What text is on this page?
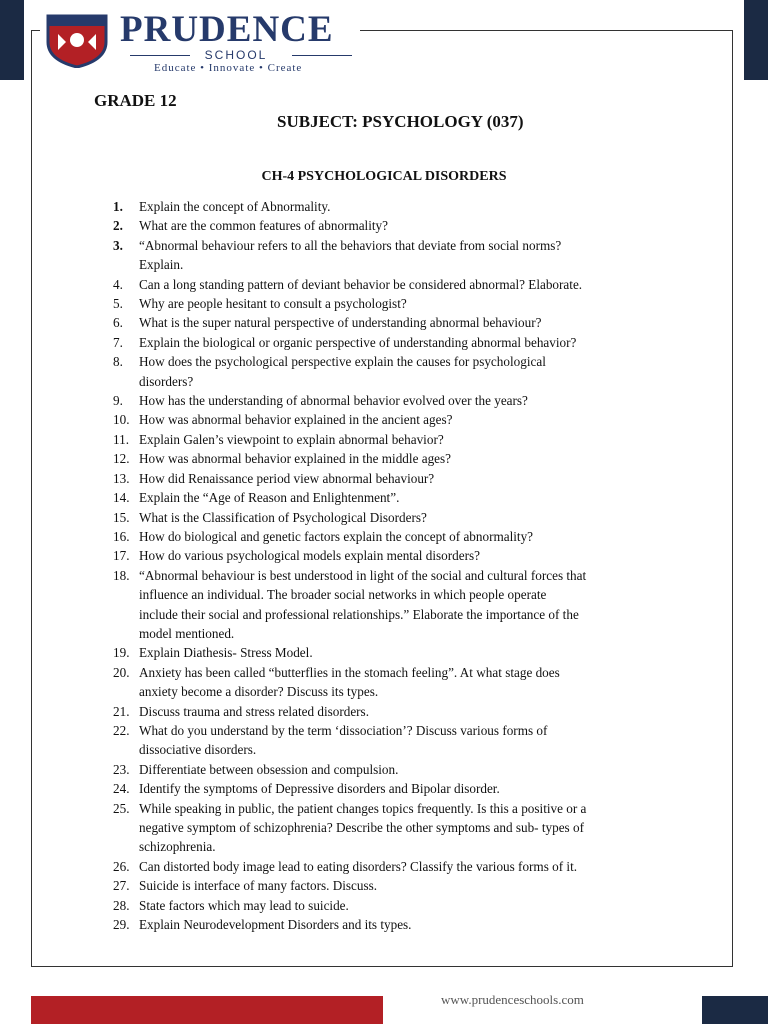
PRUDENCE
SCHOOL
Educate • Innovate • Create
GRADE 12
SUBJECT: PSYCHOLOGY (037)
CH-4 PSYCHOLOGICAL DISORDERS
1.	Explain the concept of Abnormality.
2.	What are the common features of abnormality?
3.	“Abnormal behaviour refers to all the behaviors that deviate from social norms?
Explain.
4.	Can a long standing pattern of deviant behavior be considered abnormal? Elaborate.
5.	Why are people hesitant to consult a psychologist?
6.	What is the super natural perspective of understanding abnormal behaviour?
7.	Explain the biological or organic perspective of understanding abnormal behavior?
8.	How does the psychological perspective explain the causes for psychological
disorders?
9.	How has the understanding of abnormal behavior evolved over the years?
10. How was abnormal behavior explained in the ancient ages?
11. Explain Galen’s viewpoint to explain abnormal behavior?
12. How was abnormal behavior explained in the middle ages?
13. How did Renaissance period view abnormal behaviour?
14. Explain the “Age of Reason and Enlightenment”.
15. What is the Classification of Psychological Disorders?
16. How do biological and genetic factors explain the concept of abnormality?
17. How do various psychological models explain mental disorders?
18. “Abnormal behaviour is best understood in light of the social and cultural forces that
influence an individual. The broader social networks in which people operate
include their social and professional relationships.” Elaborate the importance of the
model mentioned.
19. Explain Diathesis- Stress Model.
20. Anxiety has been called “butterflies in the stomach feeling”. At what stage does
anxiety become a disorder? Discuss its types.
21. Discuss trauma and stress related disorders.
22. What do you understand by the term ‘dissociation’? Discuss various forms of
dissociative disorders.
23. Differentiate between obsession and compulsion.
24. Identify the symptoms of Depressive disorders and Bipolar disorder.
25. While speaking in public, the patient changes topics frequently. Is this a positive or a
negative symptom of schizophrenia? Describe the other symptoms and sub- types of
schizophrenia.
26. Can distorted body image lead to eating disorders? Classify the various forms of it.
27. Suicide is interface of many factors. Discuss.
28. State factors which may lead to suicide.
29. Explain Neurodevelopment Disorders and its types.
www.prudenceschools.com
